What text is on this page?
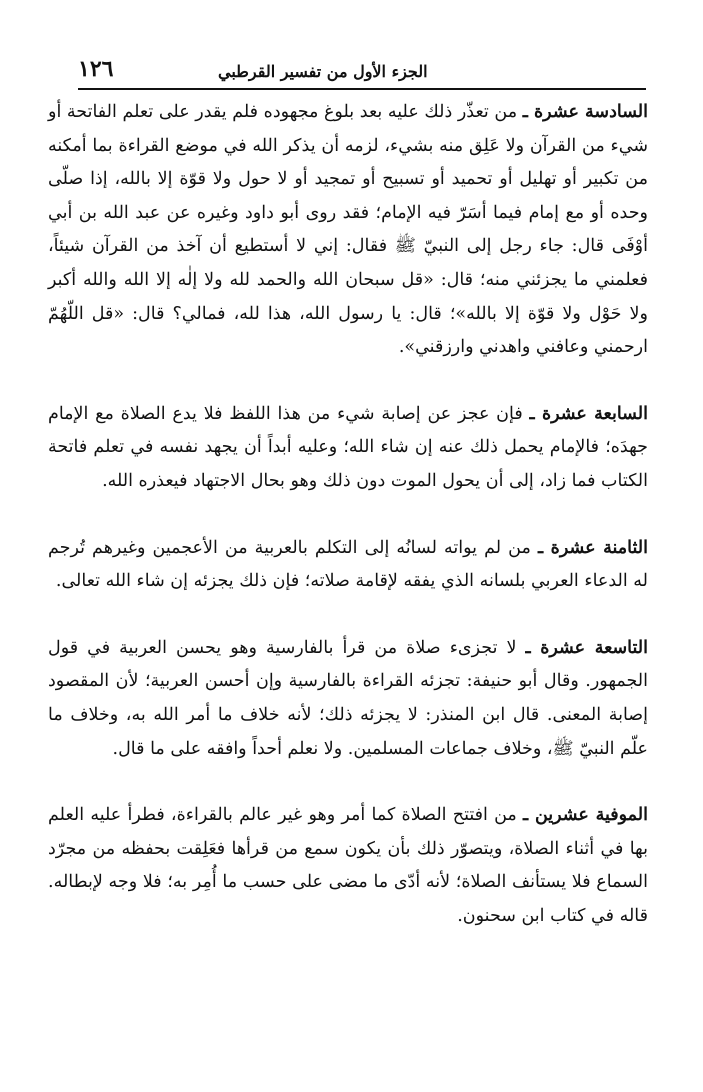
١٢٦	الجزء الأول من تفسير القرطبي

السادسة عشرة ـ من تعذّر ذلك عليه بعد بلوغ مجهوده فلم يقدر على تعلم الفاتحة أو شيء من القرآن ولا عَلِق منه بشيء، لزمه أن يذكر الله في موضع القراءة بما أمكنه من تكبير أو تهليل أو تحميد أو تسبيح أو تمجيد أو لا حول ولا قوّة إلا بالله، إذا صلّى وحده أو مع إمام فيما أسَرّ فيه الإمام؛ فقد روى أبو داود وغيره عن عبد الله بن أبي أوْفَى قال: جاء رجل إلى النبيّ ﷺ فقال: إني لا أستطيع أن آخذ من القرآن شيئاً، فعلمني ما يجزئني منه؛ قال: «قل سبحان الله والحمد لله ولا إلٰه إلا الله والله أكبر ولا حَوْل ولا قوّة إلا بالله»؛ قال: يا رسول الله، هذا لله، فمالي؟ قال: «قل اللّهُمّ ارحمني وعافني واهدني وارزقني».

السابعة عشرة ـ فإن عجز عن إصابة شيء من هذا اللفظ فلا يدع الصلاة مع الإمام جهدَه؛ فالإمام يحمل ذلك عنه إن شاء الله؛ وعليه أبداً أن يجهد نفسه في تعلم فاتحة الكتاب فما زاد، إلى أن يحول الموت دون ذلك وهو بحال الاجتهاد فيعذره الله.

الثامنة عشرة ـ من لم يواته لسانُه إلى التكلم بالعربية من الأعجمين وغيرهم تُرجم له الدعاء العربي بلسانه الذي يفقه لإقامة صلاته؛ فإن ذلك يجزئه إن شاء الله تعالى.

التاسعة عشرة ـ لا تجزىء صلاة من قرأ بالفارسية وهو يحسن العربية في قول الجمهور. وقال أبو حنيفة: تجزئه القراءة بالفارسية وإن أحسن العربية؛ لأن المقصود إصابة المعنى. قال ابن المنذر: لا يجزئه ذلك؛ لأنه خلاف ما أمر الله به، وخلاف ما علّم النبيّ ﷺ، وخلاف جماعات المسلمين. ولا نعلم أحداً وافقه على ما قال.

الموفية عشرين ـ من افتتح الصلاة كما أمر وهو غير عالم بالقراءة، فطرأ عليه العلم بها في أثناء الصلاة، ويتصوّر ذلك بأن يكون سمع من قرأها فعَلِقت بحفظه من مجرّد السماع فلا يستأنف الصلاة؛ لأنه أدّى ما مضى على حسب ما أُمِر به؛ فلا وجه لإبطاله. قاله في كتاب ابن سحنون.
